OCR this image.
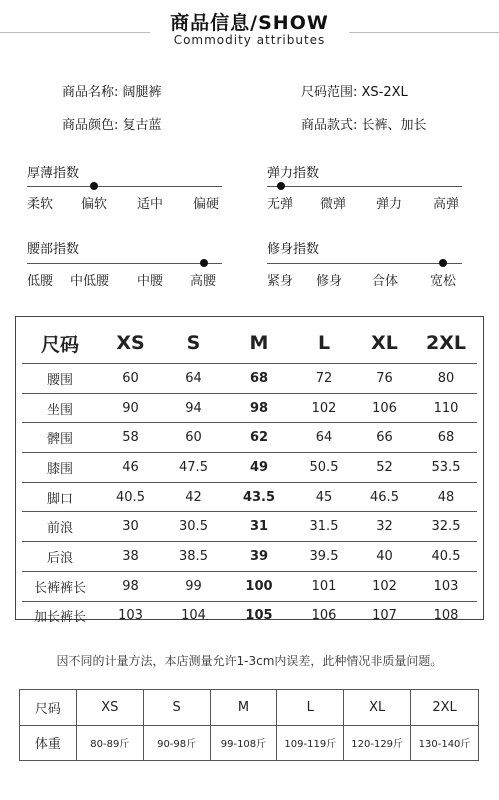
商品信息/SHOW
Commodity attributes
商品名称: 阔腿裤	尺码范围: XS-2XL
商品颜色: 复古蓝	商品款式: 长裤、加长
厚薄指数
柔软 偏软 适中 偏硬
弹力指数
无弹 微弹 弹力 高弹
腰部指数
低腰 中低腰 中腰 高腰
修身指数
紧身 修身 合体 宽松
尺码	XS	S	M	L	XL	2XL
腰围	60	64	68	72	76	80
坐围	90	94	98	102	106	110
髀围	58	60	62	64	66	68
膝围	46	47.5	49	50.5	52	53.5
脚口	40.5	42	43.5	45	46.5	48
前浪	30	30.5	31	31.5	32	32.5
后浪	38	38.5	39	39.5	40	40.5
长裤裤长	98	99	100	101	102	103
加长裤长	103	104	105	106	107	108
因不同的计量方法，本店测量允许1-3cm内误差，此种情况非质量问题。
尺码	XS	S	M	L	XL	2XL
体重	80-89斤	90-98斤	99-108斤	109-119斤	120-129斤	130-140斤
